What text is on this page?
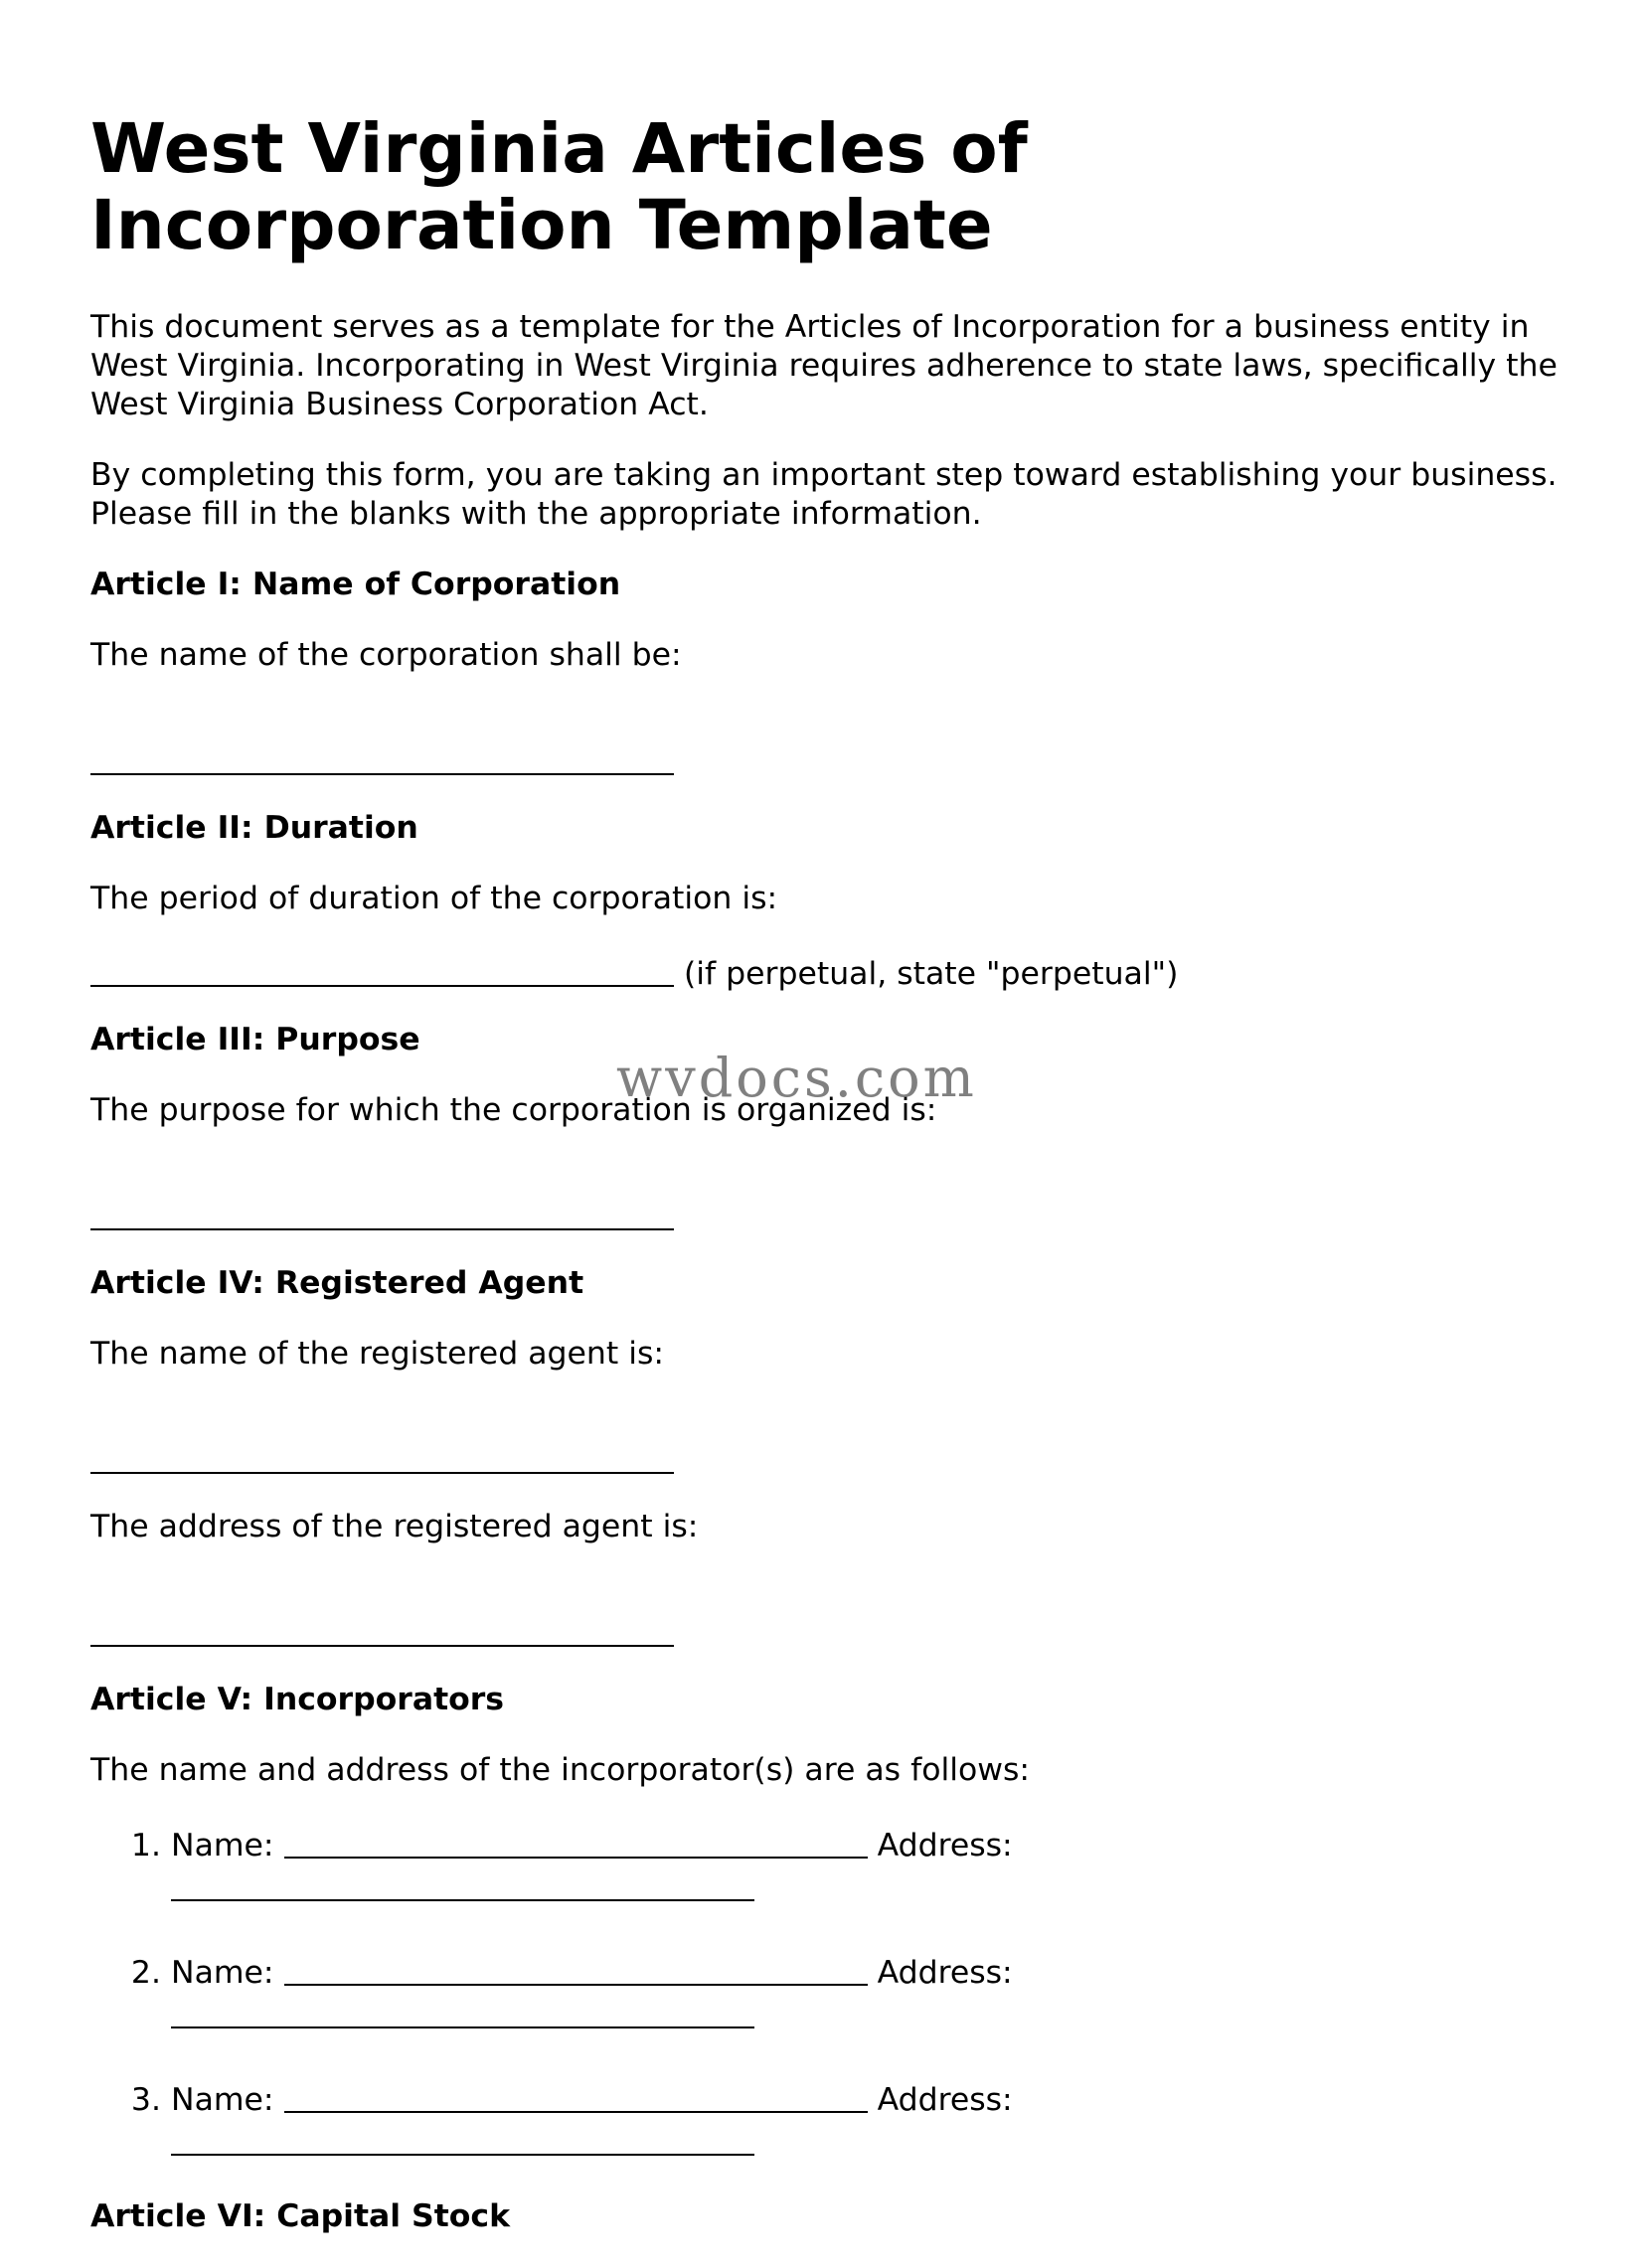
West Virginia Articles of Incorporation Template

This document serves as a template for the Articles of Incorporation for a business entity in West Virginia. Incorporating in West Virginia requires adherence to state laws, specifically the West Virginia Business Corporation Act.

By completing this form, you are taking an important step toward establishing your business. Please fill in the blanks with the appropriate information.

Article I: Name of Corporation

The name of the corporation shall be:

Article II: Duration

The period of duration of the corporation is:

(if perpetual, state "perpetual")
Article III: Purpose

The purpose for which the corporation is organized is:

Article IV: Registered Agent

The name of the registered agent is:

The address of the registered agent is:

Article V: Incorporators

The name and address of the incorporator(s) are as follows:

1. Name:	Address:

2. Name:	Address:

3. Name:	Address:

Article VI: Capital Stock
wvdocs.com
